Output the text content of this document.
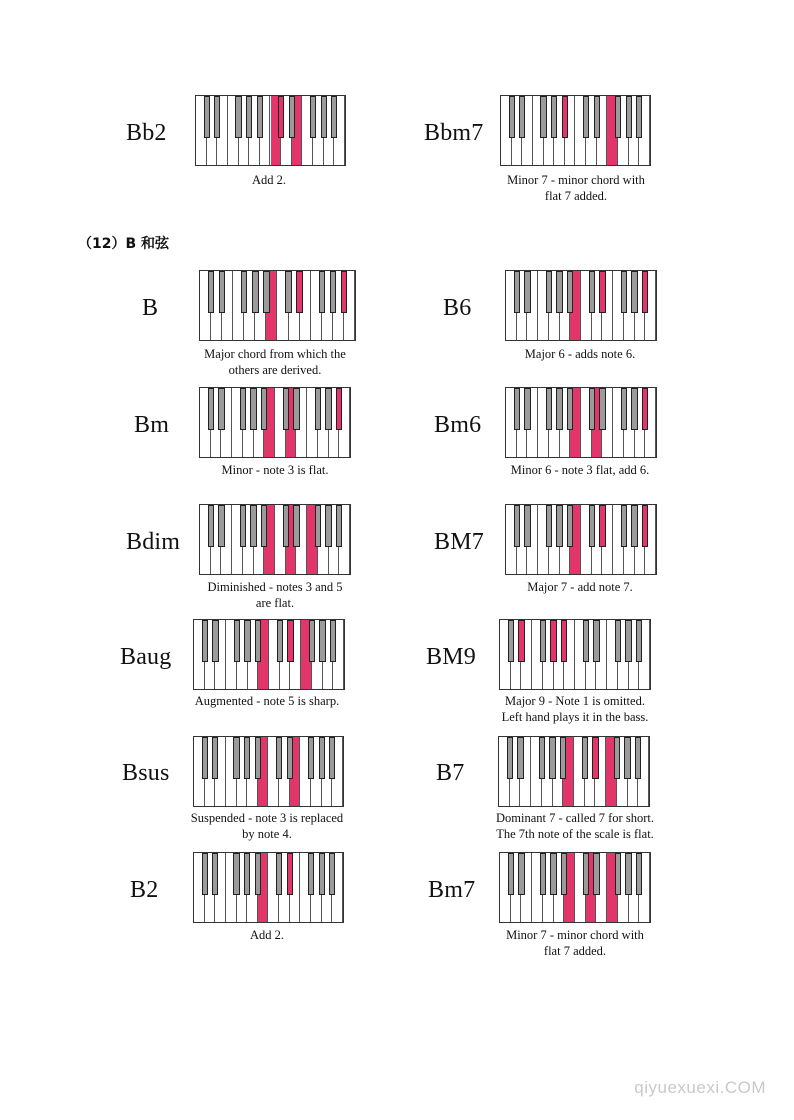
（12）B 和弦
Bb2
Add 2.
Bbm7
Minor 7 - minor chord with
flat 7 added.
B
Major chord from which the
others are derived.
B6
Major 6 - adds note 6.
Bm
Minor - note 3 is flat.
Bm6
Minor 6 - note 3 flat, add 6.
Bdim
Diminished - notes 3 and 5
are flat.
BM7
Major 7 - add note 7.
Baug
Augmented - note 5 is sharp.
BM9
Major 9 - Note 1 is omitted.
Left hand plays it in the bass.
Bsus
Suspended - note 3 is replaced
by note 4.
B7
Dominant 7 - called 7 for short.
The 7th note of the scale is flat.
B2
Add 2.
Bm7
Minor 7 - minor chord with
flat 7 added.
qiyuexuexi.COM
